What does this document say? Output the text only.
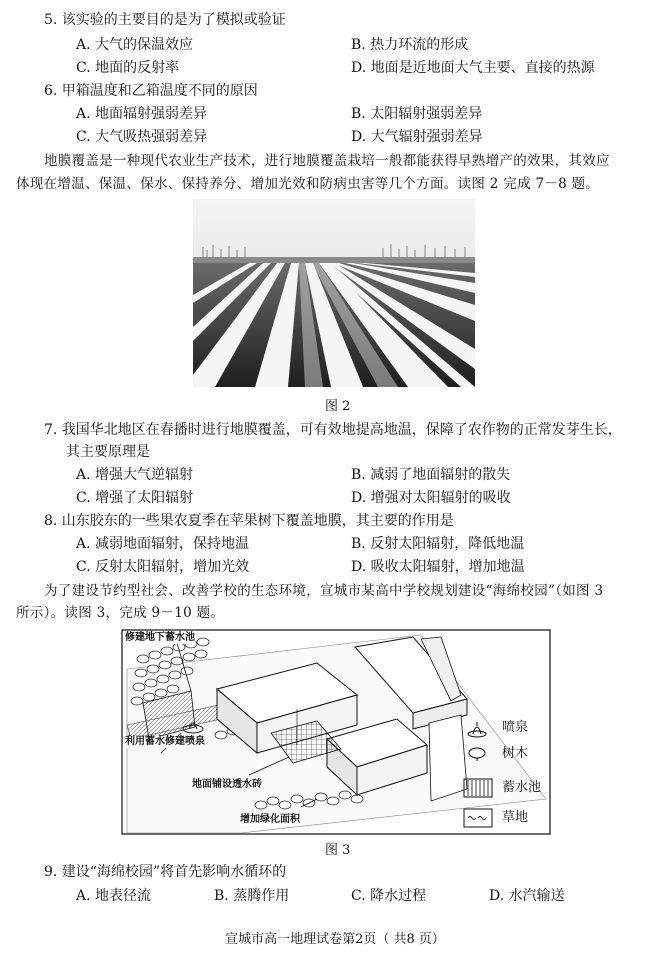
5. 该实验的主要目的是为了模拟或验证
A. 大气的保温效应	B. 热力环流的形成
C. 地面的反射率	D. 地面是近地面大气主要、直接的热源
6. 甲箱温度和乙箱温度不同的原因
A. 地面辐射强弱差异	B. 太阳辐射强弱差异
C. 大气吸热强弱差异	D. 大气辐射强弱差异
地膜覆盖是一种现代农业生产技术，进行地膜覆盖栽培一般都能获得早熟增产的效果，其效应
体现在增温、保温、保水、保持养分、增加光效和防病虫害等几个方面。读图 2 完成 7－8 题。
图 2
7. 我国华北地区在春播时进行地膜覆盖，可有效地提高地温，保障了农作物的正常发芽生长，
其主要原理是
A. 增强大气逆辐射	B. 减弱了地面辐射的散失
C. 增强了太阳辐射	D. 增强对太阳辐射的吸收
8. 山东胶东的一些果农夏季在苹果树下覆盖地膜，其主要的作用是
A. 减弱地面辐射，保持地温	B. 反射太阳辐射，降低地温
C. 反射太阳辐射，增加光效	D. 吸收太阳辐射，增加地温
为了建设节约型社会、改善学校的生态环境，宣城市某高中学校规划建设“海绵校园”（如图 3
所示）。读图 3，完成 9－10 题。
修建地下蓄水池
利用蓄水修建喷泉
地面铺设透水砖
增加绿化面积
喷泉
树木
蓄水池
草地
图 3
9. 建设“海绵校园”将首先影响水循环的
A. 地表径流	B. 蒸腾作用	C. 降水过程	D. 水汽输送
宣城市高一地理试卷第2页（ 共8 页）
